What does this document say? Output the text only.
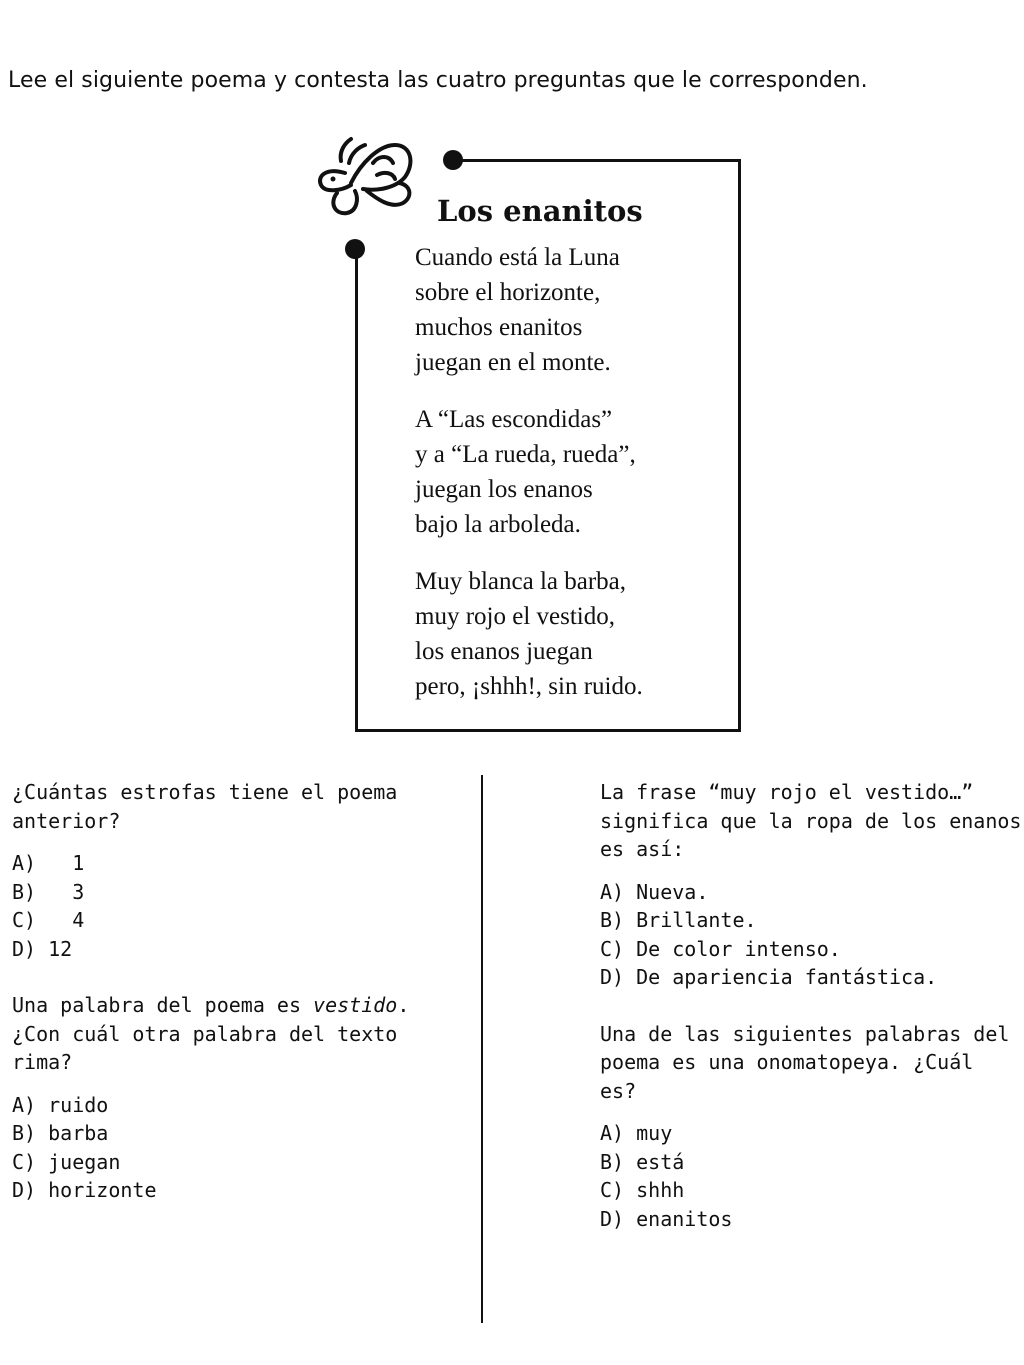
Lee el siguiente poema y contesta las cuatro preguntas que le corresponden.

Los enanitos
Cuando está la Luna
sobre el horizonte,
muchos enanitos
juegan en el monte.
A “Las escondidas”
y a “La rueda, rueda”,
juegan los enanos
bajo la arboleda.
Muy blanca la barba,
muy rojo el vestido,
los enanos juegan
pero, ¡shhh!, sin ruido.
¿Cuántas estrofas tiene el poema
anterior?
A)   1
B)   3
C)   4
D) 12
Una palabra del poema es vestido.
¿Con cuál otra palabra del texto
rima?
A) ruido
B) barba
C) juegan
D) horizonte
La frase “muy rojo el vestido…”
significa que la ropa de los enanos
es así:
A) Nueva.
B) Brillante.
C) De color intenso.
D) De apariencia fantástica.
Una de las siguientes palabras del
poema es una onomatopeya. ¿Cuál
es?
A) muy
B) está
C) shhh
D) enanitos
